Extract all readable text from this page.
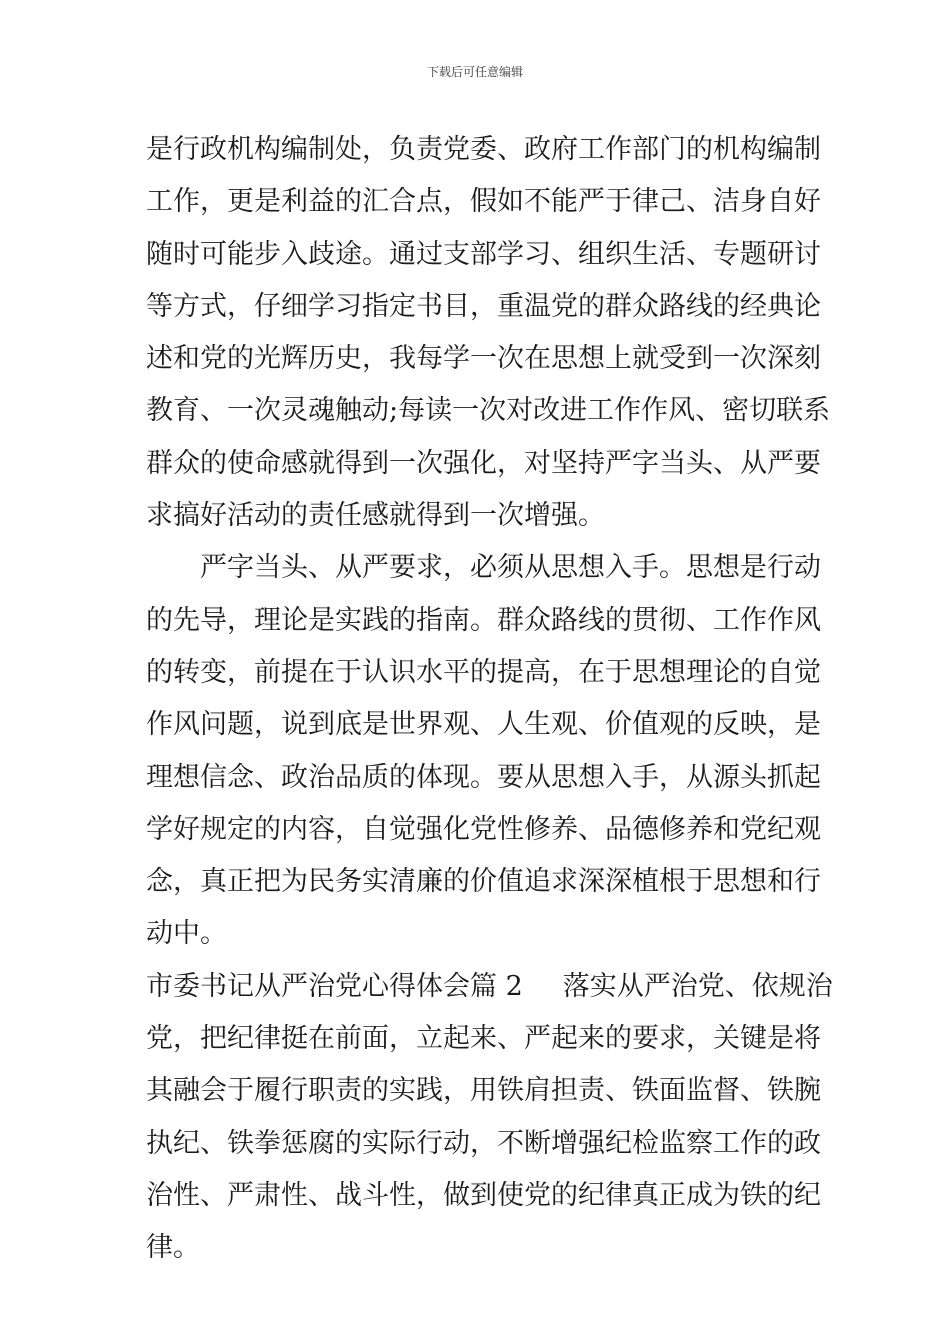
下载后可任意编辑
是行政机构编制处，负责党委、政府工作部门的机构编制
工作，更是利益的汇合点，假如不能严于律己、洁身自好
随时可能步入歧途。通过支部学习、组织生活、专题研讨
等方式，仔细学习指定书目，重温党的群众路线的经典论
述和党的光辉历史，我每学一次在思想上就受到一次深刻
教育、一次灵魂触动;每读一次对改进工作作风、密切联系
群众的使命感就得到一次强化，对坚持严字当头、从严要
求搞好活动的责任感就得到一次增强。
严字当头、从严要求，必须从思想入手。思想是行动
的先导，理论是实践的指南。群众路线的贯彻、工作作风
的转变，前提在于认识水平的提高，在于思想理论的自觉
作风问题，说到底是世界观、人生观、价值观的反映，是
理想信念、政治品质的体现。要从思想入手，从源头抓起
学好规定的内容，自觉强化党性修养、品德修养和党纪观
念，真正把为民务实清廉的价值追求深深植根于思想和行
动中。
市委书记从严治党心得体会篇 2 落实从严治党、依规治
党，把纪律挺在前面，立起来、严起来的要求，关键是将
其融会于履行职责的实践，用铁肩担责、铁面监督、铁腕
执纪、铁拳惩腐的实际行动，不断增强纪检监察工作的政
治性、严肃性、战斗性，做到使党的纪律真正成为铁的纪
律。
